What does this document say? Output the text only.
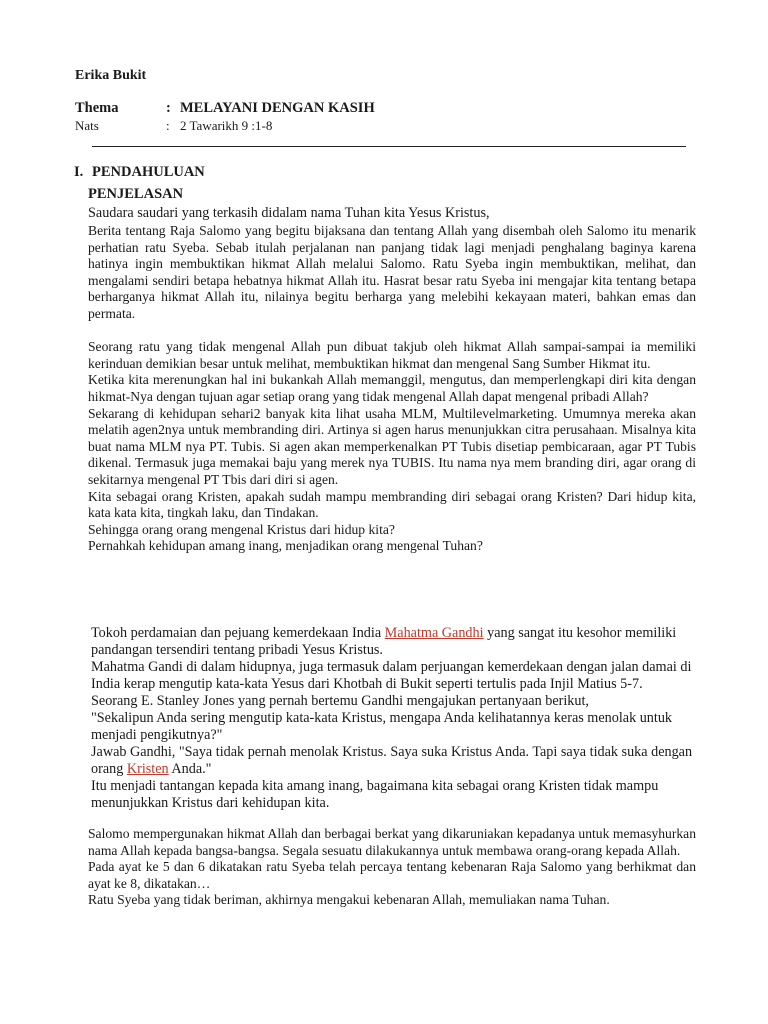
Erika Bukit
Thema	: MELAYANI DENGAN KASIH
Nats	: 2 Tawarikh 9 :1-8
I. PENDAHULUAN
PENJELASAN

Saudara saudari yang terkasih didalam nama Tuhan kita Yesus Kristus,

Berita tentang Raja Salomo yang begitu bijaksana dan tentang Allah yang disembah oleh Salomo itu menarik perhatian ratu Syeba. Sebab itulah perjalanan nan panjang tidak lagi menjadi penghalang baginya karena hatinya ingin membuktikan hikmat Allah melalui Salomo. Ratu Syeba ingin membuktikan, melihat, dan mengalami sendiri betapa hebatnya hikmat Allah itu. Hasrat besar ratu Syeba ini mengajar kita tentang betapa berharganya hikmat Allah itu, nilainya begitu berharga yang melebihi kekayaan materi, bahkan emas dan permata.

Seorang ratu yang tidak mengenal Allah pun dibuat takjub oleh hikmat Allah sampai-sampai ia memiliki kerinduan demikian besar untuk melihat, membuktikan hikmat dan mengenal Sang Sumber Hikmat itu.

Ketika kita merenungkan hal ini bukankah Allah memanggil, mengutus, dan memperlengkapi diri kita dengan hikmat-Nya dengan tujuan agar setiap orang yang tidak mengenal Allah dapat mengenal pribadi Allah?

Sekarang di kehidupan sehari2 banyak kita lihat usaha MLM, Multilevelmarketing. Umumnya mereka akan melatih agen2nya untuk membranding diri. Artinya si agen harus menunjukkan citra perusahaan. Misalnya kita buat nama MLM nya PT. Tubis. Si agen akan memperkenalkan PT Tubis disetiap pembicaraan, agar PT Tubis dikenal. Termasuk juga memakai baju yang merek nya TUBIS. Itu nama nya mem branding diri, agar orang di sekitarnya mengenal PT Tbis dari diri si agen.

Kita sebagai orang Kristen, apakah sudah mampu membranding diri sebagai orang Kristen? Dari hidup kita, kata kata kita, tingkah laku, dan Tindakan.

Sehingga orang orang mengenal Kristus dari hidup kita?

Pernahkah kehidupan amang inang, menjadikan orang mengenal Tuhan?

Tokoh perdamaian dan pejuang kemerdekaan India Mahatma Gandhi yang sangat itu kesohor memiliki pandangan tersendiri tentang pribadi Yesus Kristus.

Mahatma Gandi di dalam hidupnya, juga termasuk dalam perjuangan kemerdekaan dengan jalan damai di India kerap mengutip kata-kata Yesus dari Khotbah di Bukit seperti tertulis pada Injil Matius 5-7.

Seorang E. Stanley Jones yang pernah bertemu Gandhi mengajukan pertanyaan berikut,

"Sekalipun Anda sering mengutip kata-kata Kristus, mengapa Anda kelihatannya keras menolak untuk menjadi pengikutnya?"

Jawab Gandhi, "Saya tidak pernah menolak Kristus. Saya suka Kristus Anda. Tapi saya tidak suka dengan orang Kristen Anda."

Itu menjadi tantangan kepada kita amang inang, bagaimana kita sebagai orang Kristen tidak mampu menunjukkan Kristus dari kehidupan kita.

Salomo mempergunakan hikmat Allah dan berbagai berkat yang dikaruniakan kepadanya untuk memasyhurkan nama Allah kepada bangsa-bangsa. Segala sesuatu dilakukannya untuk membawa orang-orang kepada Allah.

Pada ayat ke 5 dan 6 dikatakan ratu Syeba telah percaya tentang kebenaran Raja Salomo yang berhikmat dan ayat ke 8, dikatakan…

Ratu Syeba yang tidak beriman, akhirnya mengakui kebenaran Allah, memuliakan nama Tuhan.
